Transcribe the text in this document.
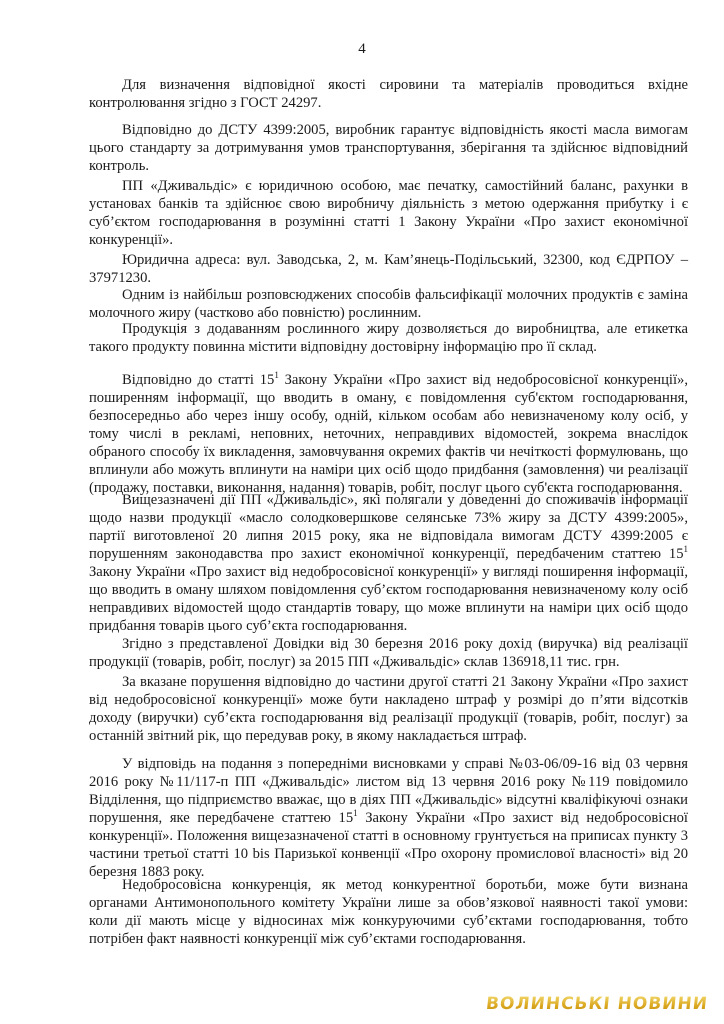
4

Для визначення відповідної якості сировини та матеріалів проводиться вхідне контролювання згідно з ГОСТ 24297.

Відповідно до ДСТУ 4399:2005, виробник гарантує відповідність якості масла вимогам цього стандарту за дотримування умов транспортування, зберігання та здійснює відповідний контроль.

ПП «Дживальдіс» є юридичною особою, має печатку, самостійний баланс, рахунки в установах банків та здійснює свою виробничу діяльність з метою одержання прибутку і є суб’єктом господарювання в розумінні статті 1 Закону України «Про захист економічної конкуренції».

Юридична адреса: вул. Заводська, 2, м. Кам’янець-Подільський, 32300, код ЄДРПОУ – 37971230.

Одним із найбільш розповсюджених способів фальсифікації молочних продуктів є заміна молочного жиру (частково або повністю) рослинним.

Продукція з додаванням рослинного жиру дозволяється до виробництва, але етикетка такого продукту повинна містити відповідну достовірну інформацію про її склад.

Відповідно до статті $15^1$ Закону України «Про захист від недобросовісної конкуренції», поширенням інформації, що вводить в оману, є повідомлення суб'єктом господарювання, безпосередньо або через іншу особу, одній, кільком особам або невизначеному колу осіб, у тому числі в рекламі, неповних, неточних, неправдивих відомостей, зокрема внаслідок обраного способу їх викладення, замовчування окремих фактів чи нечіткості формулювань, що вплинули або можуть вплинути на наміри цих осіб щодо придбання (замовлення) чи реалізації (продажу, поставки, виконання, надання) товарів, робіт, послуг цього суб'єкта господарювання.

Вищезазначені дії ПП «Дживальдіс», які полягали у доведенні до споживачів інформації щодо назви продукції «масло солодковершкове селянське 73% жиру за ДСТУ 4399:2005», партії виготовленої 20 липня 2015 року, яка не відповідала вимогам ДСТУ 4399:2005 є порушенням законодавства про захист економічної конкуренції, передбаченим статтею $15^1$ Закону України «Про захист від недобросовісної конкуренції» у вигляді поширення інформації, що вводить в оману шляхом повідомлення суб’єктом господарювання невизначеному колу осіб неправдивих відомостей щодо стандартів товару, що може вплинути на наміри цих осіб щодо придбання товарів цього суб’єкта господарювання.

Згідно з представленої Довідки від 30 березня 2016 року дохід (виручка) від реалізації продукції (товарів, робіт, послуг) за 2015 ПП «Дживальдіс» склав 136918,11 тис. грн.

За вказане порушення відповідно до частини другої статті 21 Закону України «Про захист від недобросовісної конкуренції» може бути накладено штраф у розмірі до п’яти відсотків доходу (виручки) суб’єкта господарювання від реалізації продукції (товарів, робіт, послуг) за останній звітний рік, що передував року, в якому накладається штраф.

У відповідь на подання з попередніми висновками у справі №03-06/09-16 від 03 червня 2016 року №11/117-п ПП «Дживальдіс» листом від 13 червня 2016 року №119 повідомило Відділення, що підприємство вважає, що в діях ПП «Дживальдіс» відсутні кваліфікуючі ознаки порушення, яке передбачене статтею $15^1$ Закону України «Про захист від недобросовісної конкуренції». Положення вищезазначеної статті в основному грунтується на приписах пункту 3 частини третьої статті 10 bis Паризької конвенції «Про охорону промислової власності» від 20 березня 1883 року.

Недобросовісна конкуренція, як метод конкурентної боротьби, може бути визнана органами Антимонопольного комітету України лише за обов’язкової наявності такої умови: коли дії мають місце у відносинах між конкуруючими суб’єктами господарювання, тобто потрібен факт наявності конкуренції між суб’єктами господарювання.

ВОЛИНСЬКІ НОВИНИ
